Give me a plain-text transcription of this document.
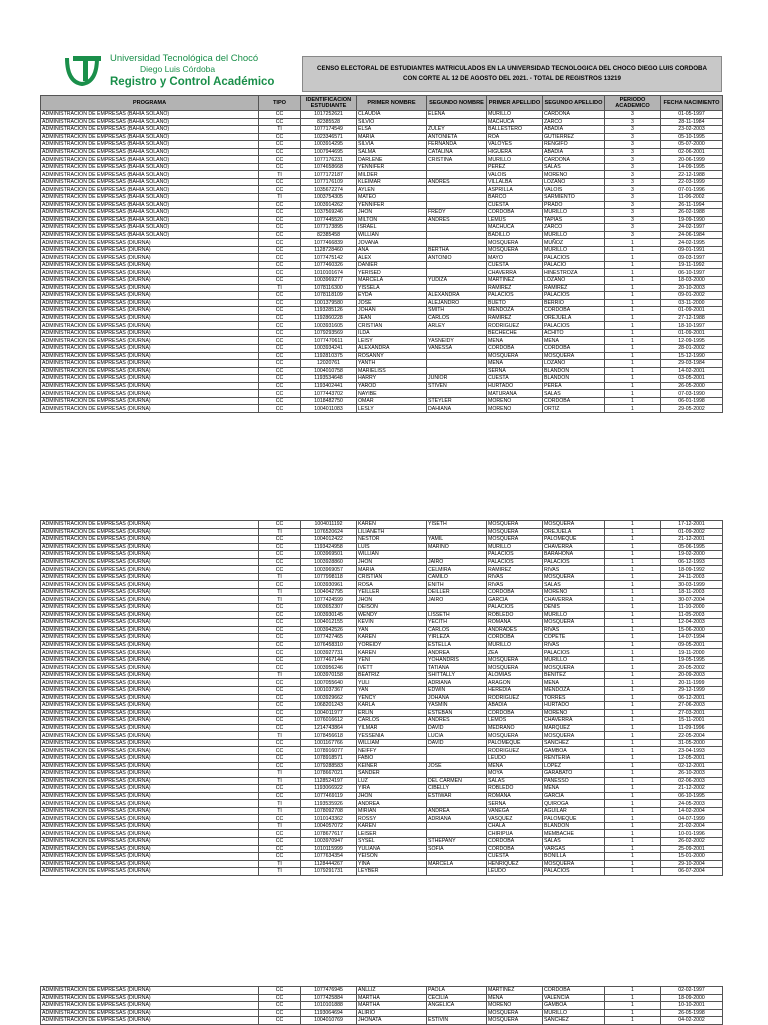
Universidad Tecnológica del Chocó
Diego Luis Córdoba
Registro y Control Académico
CENSO ELECTORAL DE ESTUDIANTES MATRICULADOS EN LA UNIVERSIDAD TECNOLOGICA DEL CHOCO DIEGO LUIS CORDOBA CON CORTE AL 12 DE AGOSTO DEL 2021. - TOTAL DE REGISTROS 13219
PROGRAMA	TIPO	IDENTIFICACION ESTUDIANTE	PRIMER NOMBRE	SEGUNDO NOMBRE	PRIMER APELLIDO	SEGUNDO APELLIDO	PERIODO ACADEMICO	FECHA NACIMIENTO
ADMINISTRACION DE EMPRESAS (BAHIA SOLANO)	CC	1017252621	CLAUDIA	ELENA	MURILLO	CARDONA	3	01-05-1997
ADMINISTRACION DE EMPRESAS (BAHIA SOLANO)	CC	82385528	SILVIO		MACHUCA	ZARCO	3	28-11-1984
ADMINISTRACION DE EMPRESAS (BAHIA SOLANO)	TI	1077174549	ELSA	ZULEY	BALLESTERO	ABADIA	3	23-02-2003
ADMINISTRACION DE EMPRESAS (BAHIA SOLANO)	CC	1023346571	MARIA	ANTONIETA	ROA	GUTIERREZ	3	05-10-1995
ADMINISTRACION DE EMPRESAS (BAHIA SOLANO)	CC	1003914295	SILVIA	FERNANDA	VALOYES	RENGIFO	3	05-07-2000
ADMINISTRACION DE EMPRESAS (BAHIA SOLANO)	CC	1007944695	SALMA	CATALINA	HIGUERA	ABADIA	3	02-06-2001
ADMINISTRACION DE EMPRESAS (BAHIA SOLANO)	CC	1077176231	DARLENE	CRISTINA	MURILLO	CARDONA	3	20-06-1999
ADMINISTRACION DE EMPRESAS (BAHIA SOLANO)	CC	1074658668	YENNIFER		PEREZ	SALAS	3	14-09-1995
ADMINISTRACION DE EMPRESAS (BAHIA SOLANO)	TI	1077172187	MILDER		VALOIS	MORENO	3	22-12-1988
ADMINISTRACION DE EMPRESAS (BAHIA SOLANO)	CC	1077176109	KLEIMAR	ANDRES	VILLALBA	LOZANO	3	22-03-1999
ADMINISTRACION DE EMPRESAS (BAHIA SOLANO)	CC	1035672274	AYLEN		ASPRILLA	VALOIS	3	07-01-1996
ADMINISTRACION DE EMPRESAS (BAHIA SOLANO)	TI	1003754305	MATEO		BARCO	SARMIENTO	3	11-06-2002
ADMINISTRACION DE EMPRESAS (BAHIA SOLANO)	CC	1003914262	YENNIFER		CUESTA	PRADO	3	26-11-1994
ADMINISTRACION DE EMPRESAS (BAHIA SOLANO)	CC	1037569246	JHON	FREDY	CORDOBA	MURILLO	3	26-02-1988
ADMINISTRACION DE EMPRESAS (BAHIA SOLANO)	CC	1077445520	MILTON	ANDRES	LEMUS	TAPIAS	3	19-09-1990
ADMINISTRACION DE EMPRESAS (BAHIA SOLANO)	CC	1077173895	ISRAEL		MACHUCA	ZARCO	3	24-02-1997
ADMINISTRACION DE EMPRESAS (BAHIA SOLANO)	CC	82385458	WILLIAN		BADILLO	MURILLO	3	24-06-1984
ADMINISTRACION DE EMPRESAS (DIURNA)	CC	1077466839	JOVANA		MOSQUERA	MUÑOZ	1	24-02-1995
ADMINISTRACION DE EMPRESAS (DIURNA)	CC	1128728460	ANA	BERTHA	MOSQUERA	MURILLO	1	09-01-1991
ADMINISTRACION DE EMPRESAS (DIURNA)	CC	1077475142	ALEX	ANTONIO	MAYO	PALACIOS	1	09-03-1997
ADMINISTRACION DE EMPRESAS (DIURNA)	CC	1077460326	DANIER		CUESTA	PALACIO	1	19-11-1992
ADMINISTRACION DE EMPRESAS (DIURNA)	CC	1010101674	YERISED		CHAVERRA	HINESTROZA	1	06-10-1997
ADMINISTRACION DE EMPRESAS (DIURNA)	CC	1003969277	MARCELA	YUDIZA	MARTINEZ	LOZANO	1	18-03-2000
ADMINISTRACION DE EMPRESAS (DIURNA)	TI	1078116300	YISSELA		RAMIREZ	RAMIREZ	1	20-10-2003
ADMINISTRACION DE EMPRESAS (DIURNA)	CC	1078118109	EYDA	ALEXANDRA	PALACIOS	PALACIOS	1	09-01-2002
ADMINISTRACION DE EMPRESAS (DIURNA)	CC	1001379580	JOSE	ALEJANDRO	BUETO	BERRIO	1	03-11-2000
ADMINISTRACION DE EMPRESAS (DIURNA)	CC	1193285126	JOHAN	SMITH	MENDOZA	CORDOBA	1	01-09-2001
ADMINISTRACION DE EMPRESAS (DIURNA)	CC	1192860228	JEAN	CARLOS	RAMIREZ	OREJUELA	1	27-12-1988
ADMINISTRACION DE EMPRESAS (DIURNA)	CC	1003931605	CRISTIAN	ARLEY	RODRIGUEZ	PALACIOS	1	18-10-1997
ADMINISTRACION DE EMPRESAS (DIURNA)	CC	1079293569	ILDA		BECHECHE	ACHITO	1	01-09-2001
ADMINISTRACION DE EMPRESAS (DIURNA)	CC	1077470611	LEISY	YASNEIDY	MENA	MENA	1	12-09-1995
ADMINISTRACION DE EMPRESAS (DIURNA)	CC	1003934241	ALEXANDRA	VANESSA	CORDOBA	CORDOBA	1	28-01-2002
ADMINISTRACION DE EMPRESAS (DIURNA)	CC	1192810375	ROSANNY		MOSQUERA	MOSQUERA	1	15-12-1990
ADMINISTRACION DE EMPRESAS (DIURNA)	CC	12020761	YANTH		MENA	LOZANO	1	29-03-1984
ADMINISTRACION DE EMPRESAS (DIURNA)	CC	1004010758	MARIELISS		SERNA	BLANDON	1	14-02-2001
ADMINISTRACION DE EMPRESAS (DIURNA)	CC	1193534648	HARRY	JUNIOR	CUESTA	BLANDON	1	03-05-2001
ADMINISTRACION DE EMPRESAS (DIURNA)	CC	1193402441	YAROD	STIVEN	HURTADO	PEREA	1	26-05-2000
ADMINISTRACION DE EMPRESAS (DIURNA)	CC	1077443702	NAYIBE		MATURANA	SALAS	1	07-03-1990
ADMINISTRACION DE EMPRESAS (DIURNA)	CC	1018482750	OMAR	STEYLER	MORENO	CORDOBA	1	06-01-1998
ADMINISTRACION DE EMPRESAS (DIURNA)	CC	1004011083	LESLY	DAHIANA	MORENO	ORTIZ	1	29-05-2002
ADMINISTRACION DE EMPRESAS (DIURNA)	CC	1004011192	KAREN	YISETH	MOSQUERA	MOSQUERA	1	17-12-2001
ADMINISTRACION DE EMPRESAS (DIURNA)	TI	1076520624	LILIANETH		MOSQUERA	OREJUELA	1	01-09-2002
ADMINISTRACION DE EMPRESAS (DIURNA)	CC	1004012422	NESTOR	YAMIL	MOSQUERA	PALOMEQUE	1	21-12-2001
ADMINISTRACION DE EMPRESAS (DIURNA)	CC	1193424958	LUIS	MARINO	MURILLO	CHAVERRA	1	05-06-1995
ADMINISTRACION DE EMPRESAS (DIURNA)	CC	1003969501	WILLIAN		PALACIOS	BARAHONA	1	19-02-2000
ADMINISTRACION DE EMPRESAS (DIURNA)	CC	1003928860	JHON	JAIRO	PALACIOS	PALACIOS	1	06-12-1993
ADMINISTRACION DE EMPRESAS (DIURNA)	CC	1003969057	MARIA	CELMIRA	RAMIREZ	RIVAS	1	18-09-1992
ADMINISTRACION DE EMPRESAS (DIURNA)	TI	1077998118	CRISTIAN	CAMILO	RIVAS	MOSQUERA	1	24-11-2003
ADMINISTRACION DE EMPRESAS (DIURNA)	CC	1003930961	ROSA	ENITH	RIVAS	SALAS	1	30-03-1999
ADMINISTRACION DE EMPRESAS (DIURNA)	TI	1004042795	YEILLER	DEILLER	CORDOBA	MORENO	1	18-11-2003
ADMINISTRACION DE EMPRESAS (DIURNA)	TI	1077424599	JHON	JAIRO	GARCIA	CHAVERRA	1	30-07-2004
ADMINISTRACION DE EMPRESAS (DIURNA)	CC	1003652307	DEISON		PALACIOS	DENIS	1	11-10-2000
ADMINISTRACION DE EMPRESAS (DIURNA)	CC	1003930145	WENDY	LISSETH	ROBLEDO	MURILLO	1	11-05-2003
ADMINISTRACION DE EMPRESAS (DIURNA)	CC	1004012155	KEVIN	YECITH	ROMANA	MOSQUERA	1	12-04-2003
ADMINISTRACION DE EMPRESAS (DIURNA)	CC	1003942526	YAN	CARLOS	ANDRADES	RIVAS	1	15-06-2000
ADMINISTRACION DE EMPRESAS (DIURNA)	CC	1077427465	KAREN	YIRLEZA	CORDOBA	COPETE	1	14-07-1994
ADMINISTRACION DE EMPRESAS (DIURNA)	CC	1076458310	YOREIDY	ESTELLA	MURILLO	RIVAS	1	09-05-2001
ADMINISTRACION DE EMPRESAS (DIURNA)	CC	1003927731	KAREN	ANDREA	ZEA	PALACIOS	1	19-11-2000
ADMINISTRACION DE EMPRESAS (DIURNA)	CC	1077467144	YENI	YOHANDRIS	MOSQUERA	MURILLO	1	19-05-1995
ADMINISTRACION DE EMPRESAS (DIURNA)	CC	1003956246	IVETT	TATIANA	MOSQUERA	MOSQUERA	1	20-05-2002
ADMINISTRACION DE EMPRESAS (DIURNA)	TI	1003970158	BEATRIZ	SHITTALLY	ALOMIAS	BENITEZ	1	20-09-2003
ADMINISTRACION DE EMPRESAS (DIURNA)	CC	1007055640	YULI	ADRIANA	ARAGON	MENA	1	20-11-1999
ADMINISTRACION DE EMPRESAS (DIURNA)	CC	1001037367	YAN	EDWIN	HEREDIA	MENDOZA	1	29-12-1999
ADMINISTRACION DE EMPRESAS (DIURNA)	CC	1003929662	YENCY	JOHANA	RODRIGUEZ	TORRES	1	06-12-2001
ADMINISTRACION DE EMPRESAS (DIURNA)	CC	1068201243	KARLA	YASMIN	ABADIA	HURTADO	1	27-06-2003
ADMINISTRACION DE EMPRESAS (DIURNA)	CC	1004011977	ERLIN	ESTEBAN	CORDOBA	MORENO	1	27-03-2001
ADMINISTRACION DE EMPRESAS (DIURNA)	CC	1076016612	CARLOS	ANDRES	LEMOS	CHAVERRA	1	15-11-2001
ADMINISTRACION DE EMPRESAS (DIURNA)	CC	1214743864	YILMAR	DAVID	MEDRANO	MARQUEZ	1	11-09-1996
ADMINISTRACION DE EMPRESAS (DIURNA)	TI	1078456618	YESSENIA	LUCIA	MOSQUERA	MOSQUERA	1	22-05-2004
ADMINISTRACION DE EMPRESAS (DIURNA)	CC	1001167766	WILLIAM	DAVID	PALOMEQUE	SANCHEZ	1	31-05-2000
ADMINISTRACION DE EMPRESAS (DIURNA)	CC	1078916077	NEIFFY		RODRIGUEZ	GAMBOA	1	23-04-1993
ADMINISTRACION DE EMPRESAS (DIURNA)	CC	1078918571	FABIO		LEUDO	RENTERIA	1	12-05-2001
ADMINISTRACION DE EMPRESAS (DIURNA)	CC	1079288583	KEINER	JOSE	MENA	LOPEZ	1	02-12-2001
ADMINISTRACION DE EMPRESAS (DIURNA)	TI	1078667021	SANDER		MOYA	GARABATO	1	26-10-2003
ADMINISTRACION DE EMPRESAS (DIURNA)	TI	1128524197	LUZ	DEL CARMEN	SALAS	PANESSO	1	02-06-2003
ADMINISTRACION DE EMPRESAS (DIURNA)	CC	1193066922	YIRA	CIBELLY	ROBLEDO	MENA	1	21-12-2002
ADMINISTRACION DE EMPRESAS (DIURNA)	CC	1077469119	JHON	ESTIWAR	ROMANA	GARCIA	1	06-10-1995
ADMINISTRACION DE EMPRESAS (DIURNA)	TI	1193535926	ANDREA		SERNA	QUIROGA	1	24-05-2003
ADMINISTRACION DE EMPRESAS (DIURNA)	TI	1078092708	MIRIAN	ANDREA	VANEGA	AGUILAR	1	14-02-2004
ADMINISTRACION DE EMPRESAS (DIURNA)	CC	1010143362	ROSSY	ADRIANA	VASQUEZ	PALOMEQUE	1	04-07-1999
ADMINISTRACION DE EMPRESAS (DIURNA)	TI	1004057072	KAREN		CHALA	BLANDON	1	21-02-2004
ADMINISTRACION DE EMPRESAS (DIURNA)	CC	1078677617	LEISER		CHIRIPUA	MEMBACHE	1	10-01-1996
ADMINISTRACION DE EMPRESAS (DIURNA)	CC	1003970947	SYSEL	STHEPANY	CORDOBA	SALAS	1	26-02-2002
ADMINISTRACION DE EMPRESAS (DIURNA)	CC	1010115999	YULIANA	SOFIA	CORDOBA	VARGAS	1	25-09-2001
ADMINISTRACION DE EMPRESAS (DIURNA)	CC	1077634354	YEISON		CUESTA	BONILLA	1	15-01-2000
ADMINISTRACION DE EMPRESAS (DIURNA)	TI	1128444267	YINA	MARCELA	HENRIQUEZ	MOSQUERA	1	29-10-2004
ADMINISTRACION DE EMPRESAS (DIURNA)	TI	1079291731	LEYBER		LEUDO	PALACIOS	1	06-07-2004
ADMINISTRACION DE EMPRESAS (DIURNA)	CC	1077476945	ANLLIZ	PAOLA	MARTINEZ	CORDOBA	1	02-02-1997
ADMINISTRACION DE EMPRESAS (DIURNA)	CC	1077425884	MARTHA	CECILIA	MENA	VALENCIA	1	18-09-2000
ADMINISTRACION DE EMPRESAS (DIURNA)	CC	1010101888	MARTHA	ANGELICA	MORENO	GAMBOA	1	10-10-2001
ADMINISTRACION DE EMPRESAS (DIURNA)	CC	1193064694	ALIRIO		MOSQUERA	MURILLO	1	26-05-1998
ADMINISTRACION DE EMPRESAS (DIURNA)	CC	1004010769	JHONATA	ESTIVIN	MOSQUERA	SANCHEZ	1	04-02-2002
